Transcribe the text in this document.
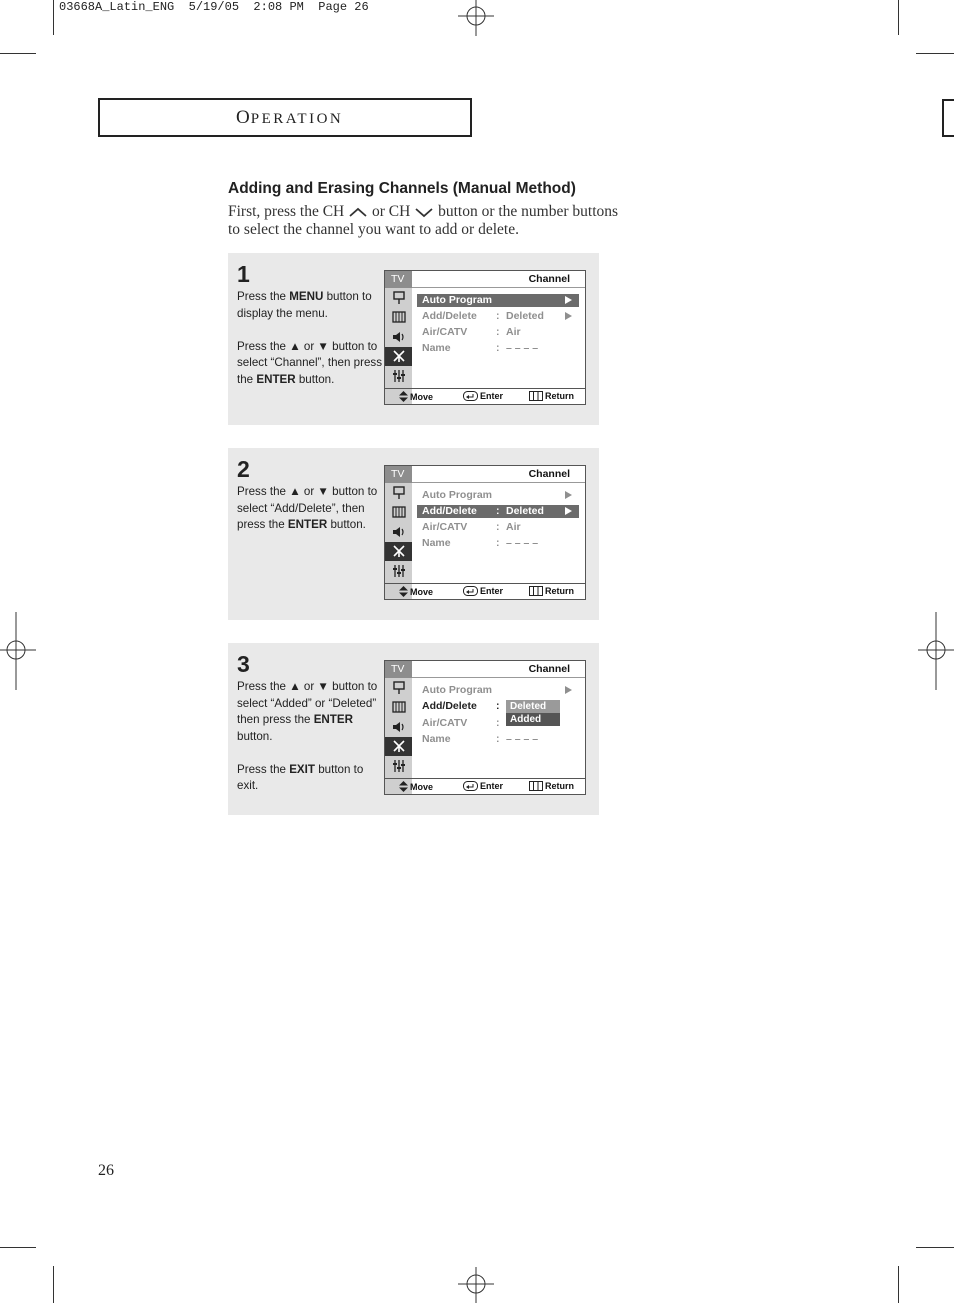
03668A_Latin_ENG  5/19/05  2:08 PM  Page 26
OPERATION
Adding and Erasing Channels (Manual Method)
First, press the CH or CH button or the number buttons
to select the channel you want to add or delete.
1
Press the MENU button to display the menu.
Press the ▲ or ▼ button to select “Channel”, then press the ENTER button.
TV	Channel
Auto Program
Add/Delete : Deleted
Air/CATV	: Air
Name	: – – – –
Move	Enter	Return
2
Press the ▲ or ▼ button to select “Add/Delete”, then press the ENTER button.
TV	Channel
Auto Program
Add/Delete : Deleted
Air/CATV	: Air
Name	: – – – –
Move	Enter	Return
3
Press the ▲ or ▼ button to select “Added” or “Deleted” then press the ENTER button.
Press the EXIT button to exit.
TV	Channel
Auto Program
Add/Delete :	Deleted
Added
Air/CATV	:
Name	: – – – –
Move	Enter	Return
26
